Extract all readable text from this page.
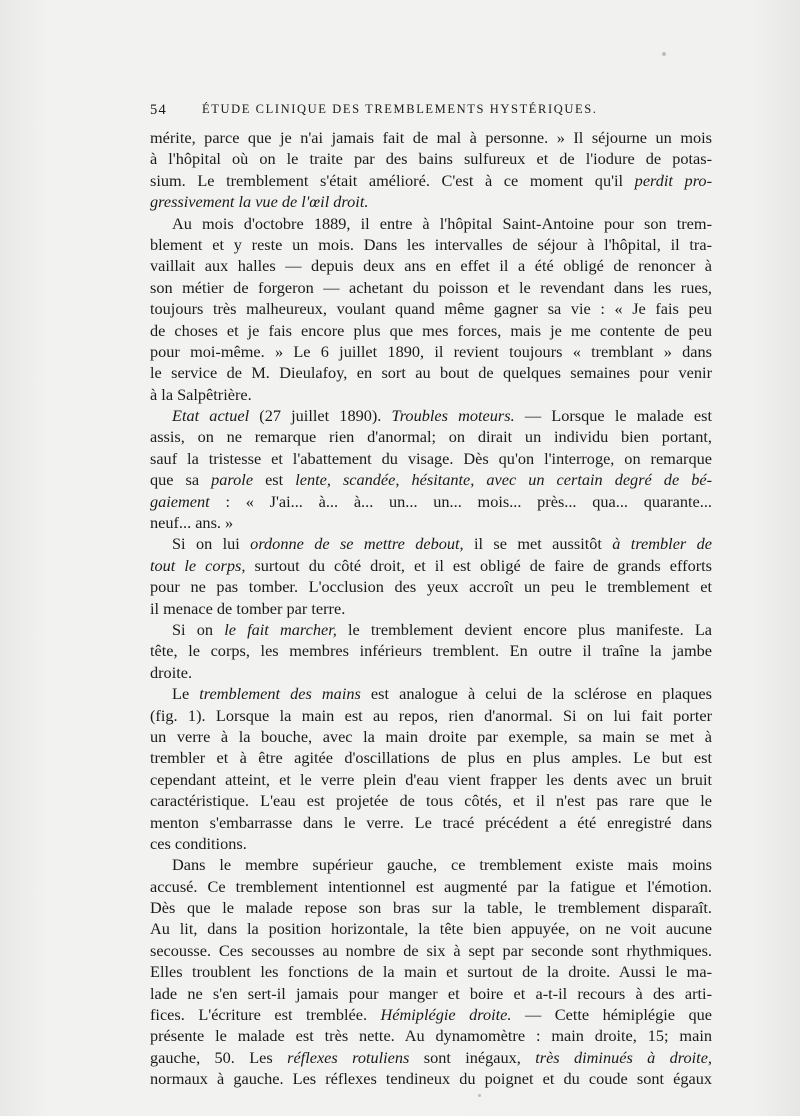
54	ÉTUDE CLINIQUE DES TREMBLEMENTS HYSTÉRIQUES.
mérite, parce que je n'ai jamais fait de mal à personne. » Il séjourne un mois
à l'hôpital où on le traite par des bains sulfureux et de l'iodure de potas-
sium. Le tremblement s'était amélioré. C'est à ce moment qu'il perdit pro-
gressivement la vue de l'œil droit.
Au mois d'octobre 1889, il entre à l'hôpital Saint-Antoine pour son trem-
blement et y reste un mois. Dans les intervalles de séjour à l'hôpital, il tra-
vaillait aux halles — depuis deux ans en effet il a été obligé de renoncer à
son métier de forgeron — achetant du poisson et le revendant dans les rues,
toujours très malheureux, voulant quand même gagner sa vie : « Je fais peu
de choses et je fais encore plus que mes forces, mais je me contente de peu
pour moi-même. » Le 6 juillet 1890, il revient toujours « tremblant » dans
le service de M. Dieulafoy, en sort au bout de quelques semaines pour venir
à la Salpêtrière.
Etat actuel (27 juillet 1890). Troubles moteurs. — Lorsque le malade est
assis, on ne remarque rien d'anormal; on dirait un individu bien portant,
sauf la tristesse et l'abattement du visage. Dès qu'on l'interroge, on remarque
que sa parole est lente, scandée, hésitante, avec un certain degré de bé-
gaiement : « J'ai... à... à... un... un... mois... près... qua... quarante...
neuf... ans. »
Si on lui ordonne de se mettre debout, il se met aussitôt à trembler de
tout le corps, surtout du côté droit, et il est obligé de faire de grands efforts
pour ne pas tomber. L'occlusion des yeux accroît un peu le tremblement et
il menace de tomber par terre.
Si on le fait marcher, le tremblement devient encore plus manifeste. La
tête, le corps, les membres inférieurs tremblent. En outre il traîne la jambe
droite.
Le tremblement des mains est analogue à celui de la sclérose en plaques
(fig. 1). Lorsque la main est au repos, rien d'anormal. Si on lui fait porter
un verre à la bouche, avec la main droite par exemple, sa main se met à
trembler et à être agitée d'oscillations de plus en plus amples. Le but est
cependant atteint, et le verre plein d'eau vient frapper les dents avec un bruit
caractéristique. L'eau est projetée de tous côtés, et il n'est pas rare que le
menton s'embarrasse dans le verre. Le tracé précédent a été enregistré dans
ces conditions.
Dans le membre supérieur gauche, ce tremblement existe mais moins
accusé. Ce tremblement intentionnel est augmenté par la fatigue et l'émotion.
Dès que le malade repose son bras sur la table, le tremblement disparaît.
Au lit, dans la position horizontale, la tête bien appuyée, on ne voit aucune
secousse. Ces secousses au nombre de six à sept par seconde sont rhythmiques.
Elles troublent les fonctions de la main et surtout de la droite. Aussi le ma-
lade ne s'en sert-il jamais pour manger et boire et a-t-il recours à des arti-
fices. L'écriture est tremblée. Hémiplégie droite. — Cette hémiplégie que
présente le malade est très nette. Au dynamomètre : main droite, 15; main
gauche, 50. Les réflexes rotuliens sont inégaux, très diminués à droite,
normaux à gauche. Les réflexes tendineux du poignet et du coude sont égaux
